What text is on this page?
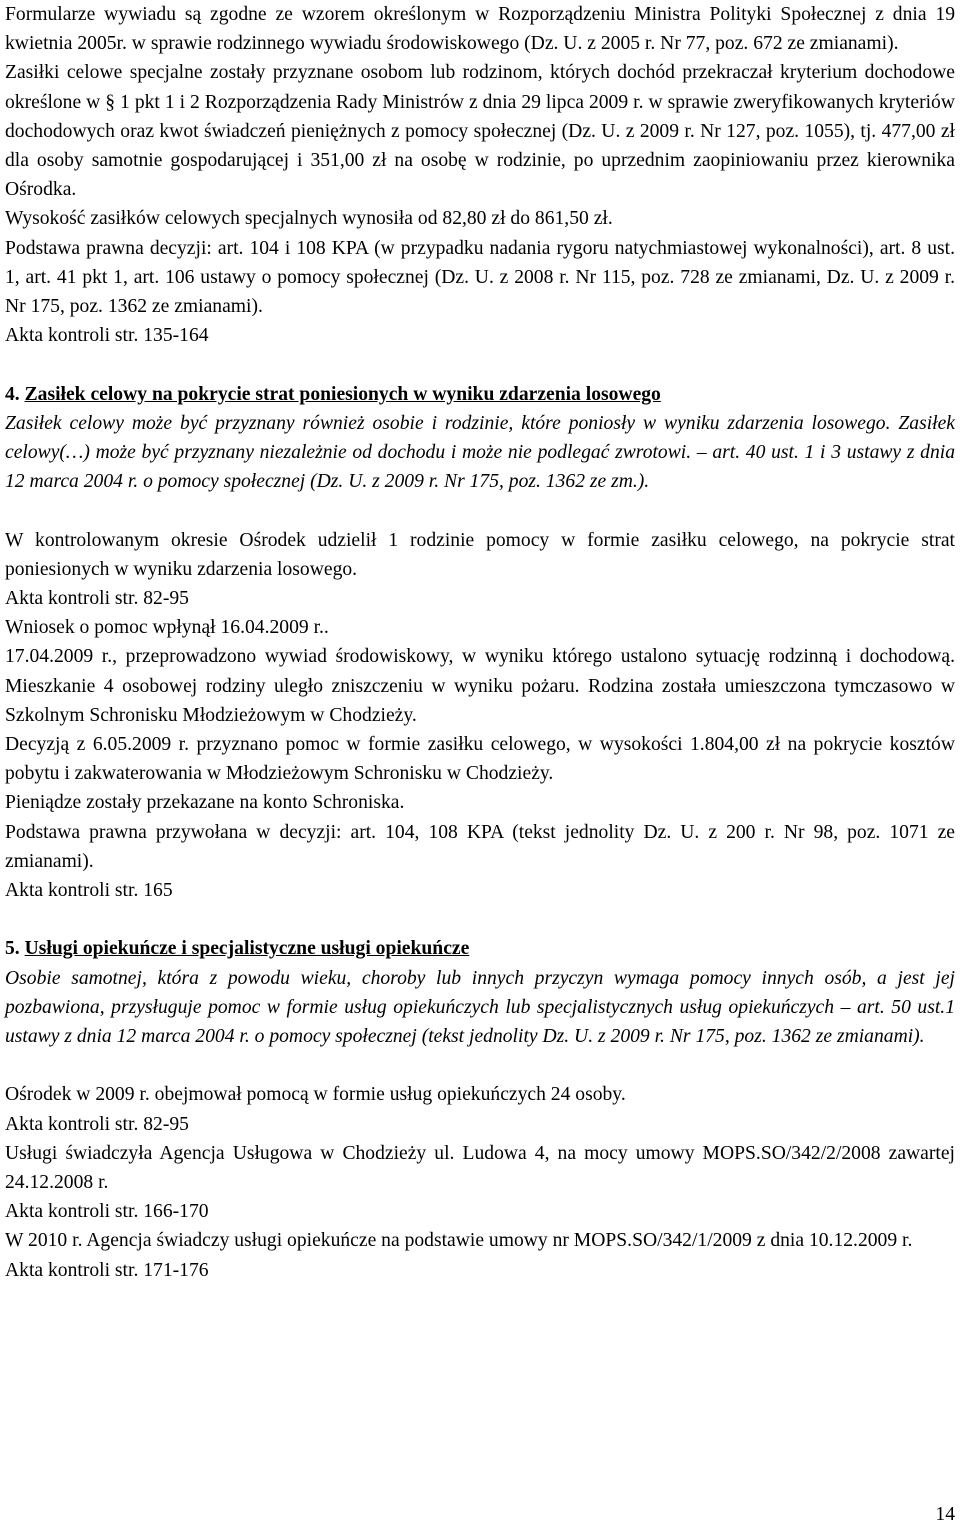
Formularze wywiadu są zgodne ze wzorem określonym w Rozporządzeniu Ministra Polityki Społecznej z dnia 19 kwietnia 2005r. w sprawie rodzinnego wywiadu środowiskowego (Dz. U. z 2005 r. Nr 77, poz. 672 ze zmianami).

Zasiłki celowe specjalne zostały przyznane osobom lub rodzinom, których dochód przekraczał kryterium dochodowe określone w § 1 pkt 1 i 2 Rozporządzenia Rady Ministrów z dnia 29 lipca 2009 r. w sprawie zweryfikowanych kryteriów dochodowych oraz kwot świadczeń pieniężnych z pomocy społecznej (Dz. U. z 2009 r. Nr 127, poz. 1055), tj. 477,00 zł dla osoby samotnie gospodarującej i 351,00 zł na osobę w rodzinie, po uprzednim zaopiniowaniu przez kierownika Ośrodka.

Wysokość zasiłków celowych specjalnych wynosiła od 82,80 zł do 861,50 zł.

Podstawa prawna decyzji: art. 104 i 108 KPA (w przypadku nadania rygoru natychmiastowej wykonalności), art. 8 ust. 1, art. 41 pkt 1, art. 106 ustawy o pomocy społecznej (Dz. U. z 2008 r. Nr 115, poz. 728 ze zmianami, Dz. U. z 2009 r. Nr 175, poz. 1362 ze zmianami).

Akta kontroli str. 135-164

4. Zasiłek celowy na pokrycie strat poniesionych w wyniku zdarzenia losowego

Zasiłek celowy może być przyznany również osobie i rodzinie, które poniosły w wyniku zdarzenia losowego. Zasiłek celowy(…) może być przyznany niezależnie od dochodu i może nie podlegać zwrotowi. – art. 40 ust. 1 i 3 ustawy z dnia 12 marca 2004 r. o pomocy społecznej (Dz. U. z 2009 r. Nr 175, poz. 1362 ze zm.).

W kontrolowanym okresie Ośrodek udzielił 1 rodzinie pomocy w formie zasiłku celowego, na pokrycie strat poniesionych w wyniku zdarzenia losowego.

Akta kontroli str. 82-95

Wniosek o pomoc wpłynął 16.04.2009 r..

17.04.2009 r., przeprowadzono wywiad środowiskowy, w wyniku którego ustalono sytuację rodzinną i dochodową. Mieszkanie 4 osobowej rodziny uległo zniszczeniu w wyniku pożaru. Rodzina została umieszczona tymczasowo w Szkolnym Schronisku Młodzieżowym w Chodzieży.

Decyzją z 6.05.2009 r. przyznano pomoc w formie zasiłku celowego, w wysokości 1.804,00 zł na pokrycie kosztów pobytu i zakwaterowania w Młodzieżowym Schronisku w Chodzieży.

Pieniądze zostały przekazane na konto Schroniska.

Podstawa prawna przywołana w decyzji: art. 104, 108 KPA (tekst jednolity Dz. U. z 200 r. Nr 98, poz. 1071 ze zmianami).

Akta kontroli str. 165

5. Usługi opiekuńcze i specjalistyczne usługi opiekuńcze

Osobie samotnej, która z powodu wieku, choroby lub innych przyczyn wymaga pomocy innych osób, a jest jej pozbawiona, przysługuje pomoc w formie usług opiekuńczych lub specjalistycznych usług opiekuńczych – art. 50 ust.1 ustawy z dnia 12 marca 2004 r. o pomocy społecznej (tekst jednolity Dz. U. z 2009 r. Nr 175, poz. 1362 ze zmianami).

Ośrodek w 2009 r. obejmował pomocą w formie usług opiekuńczych 24 osoby.

Akta kontroli str. 82-95

Usługi świadczyła Agencja Usługowa w Chodzieży ul. Ludowa 4, na mocy umowy MOPS.SO/342/2/2008 zawartej 24.12.2008 r.

Akta kontroli str. 166-170

W 2010 r. Agencja świadczy usługi opiekuńcze na podstawie umowy nr MOPS.SO/342/1/2009 z dnia 10.12.2009 r.

Akta kontroli str. 171-176

14
